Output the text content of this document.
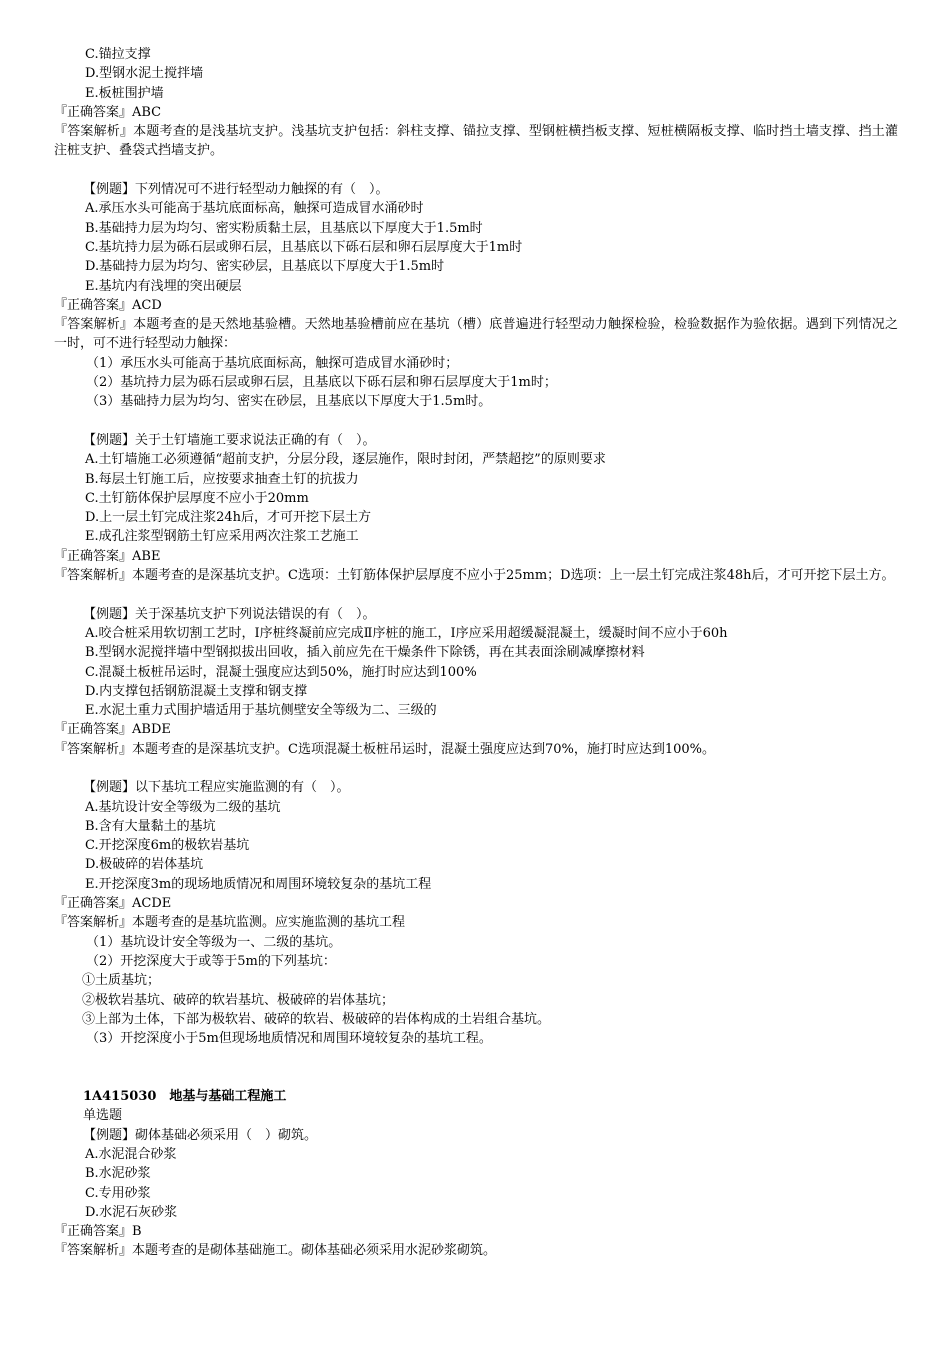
C.锚拉支撑
D.型钢水泥土搅拌墙
E.板桩围护墙
『正确答案』ABC
『答案解析』本题考查的是浅基坑支护。浅基坑支护包括：斜柱支撑、锚拉支撑、型钢桩横挡板支撑、短桩横隔板支撑、临时挡土墙支撑、挡土灌注桩支护、叠袋式挡墙支护。
【例题】下列情况可不进行轻型动力触探的有（　）。
A.承压水头可能高于基坑底面标高，触探可造成冒水涌砂时
B.基础持力层为均匀、密实粉质黏土层，且基底以下厚度大于1.5m时
C.基坑持力层为砾石层或卵石层，且基底以下砾石层和卵石层厚度大于1m时
D.基础持力层为均匀、密实砂层，且基底以下厚度大于1.5m时
E.基坑内有浅埋的突出硬层
『正确答案』ACD
『答案解析』本题考查的是天然地基验槽。天然地基验槽前应在基坑（槽）底普遍进行轻型动力触探检验，检验数据作为验依据。遇到下列情况之一时，可不进行轻型动力触探：
（1）承压水头可能高于基坑底面标高，触探可造成冒水涌砂时；
（2）基坑持力层为砾石层或卵石层，且基底以下砾石层和卵石层厚度大于1m时；
（3）基础持力层为均匀、密实在砂层，且基底以下厚度大于1.5m时。
【例题】关于土钉墙施工要求说法正确的有（　）。
A.土钉墙施工必须遵循“超前支护，分层分段，逐层施作，限时封闭，严禁超挖”的原则要求
B.每层土钉施工后，应按要求抽查土钉的抗拔力
C.土钉筋体保护层厚度不应小于20mm
D.上一层土钉完成注浆24h后，才可开挖下层土方
E.成孔注浆型钢筋土钉应采用两次注浆工艺施工
『正确答案』ABE
『答案解析』本题考查的是深基坑支护。C选项：土钉筋体保护层厚度不应小于25mm；D选项：上一层土钉完成注浆48h后，才可开挖下层土方。
【例题】关于深基坑支护下列说法错误的有（　）。
A.咬合桩采用软切割工艺时，Ⅰ序桩终凝前应完成Ⅱ序桩的施工，Ⅰ序应采用超缓凝混凝土，缓凝时间不应小于60h
B.型钢水泥搅拌墙中型钢拟拔出回收，插入前应先在干燥条件下除锈，再在其表面涂刷减摩擦材料
C.混凝土板桩吊运时，混凝土强度应达到50%，施打时应达到100%
D.内支撑包括钢筋混凝土支撑和钢支撑
E.水泥土重力式围护墙适用于基坑侧壁安全等级为二、三级的
『正确答案』ABDE
『答案解析』本题考查的是深基坑支护。C选项混凝土板桩吊运时，混凝土强度应达到70%，施打时应达到100%。
【例题】以下基坑工程应实施监测的有（　）。
A.基坑设计安全等级为二级的基坑
B.含有大量黏土的基坑
C.开挖深度6m的极软岩基坑
D.极破碎的岩体基坑
E.开挖深度3m的现场地质情况和周围环境较复杂的基坑工程
『正确答案』ACDE
『答案解析』本题考查的是基坑监测。应实施监测的基坑工程
（1）基坑设计安全等级为一、二级的基坑。
（2）开挖深度大于或等于5m的下列基坑：
①土质基坑；
②极软岩基坑、破碎的软岩基坑、极破碎的岩体基坑；
③上部为土体，下部为极软岩、破碎的软岩、极破碎的岩体构成的土岩组合基坑。
（3）开挖深度小于5m但现场地质情况和周围环境较复杂的基坑工程。
1A415030　地基与基础工程施工
单选题
【例题】砌体基础必须采用（　）砌筑。
A.水泥混合砂浆
B.水泥砂浆
C.专用砂浆
D.水泥石灰砂浆
『正确答案』B
『答案解析』本题考查的是砌体基础施工。砌体基础必须采用水泥砂浆砌筑。
